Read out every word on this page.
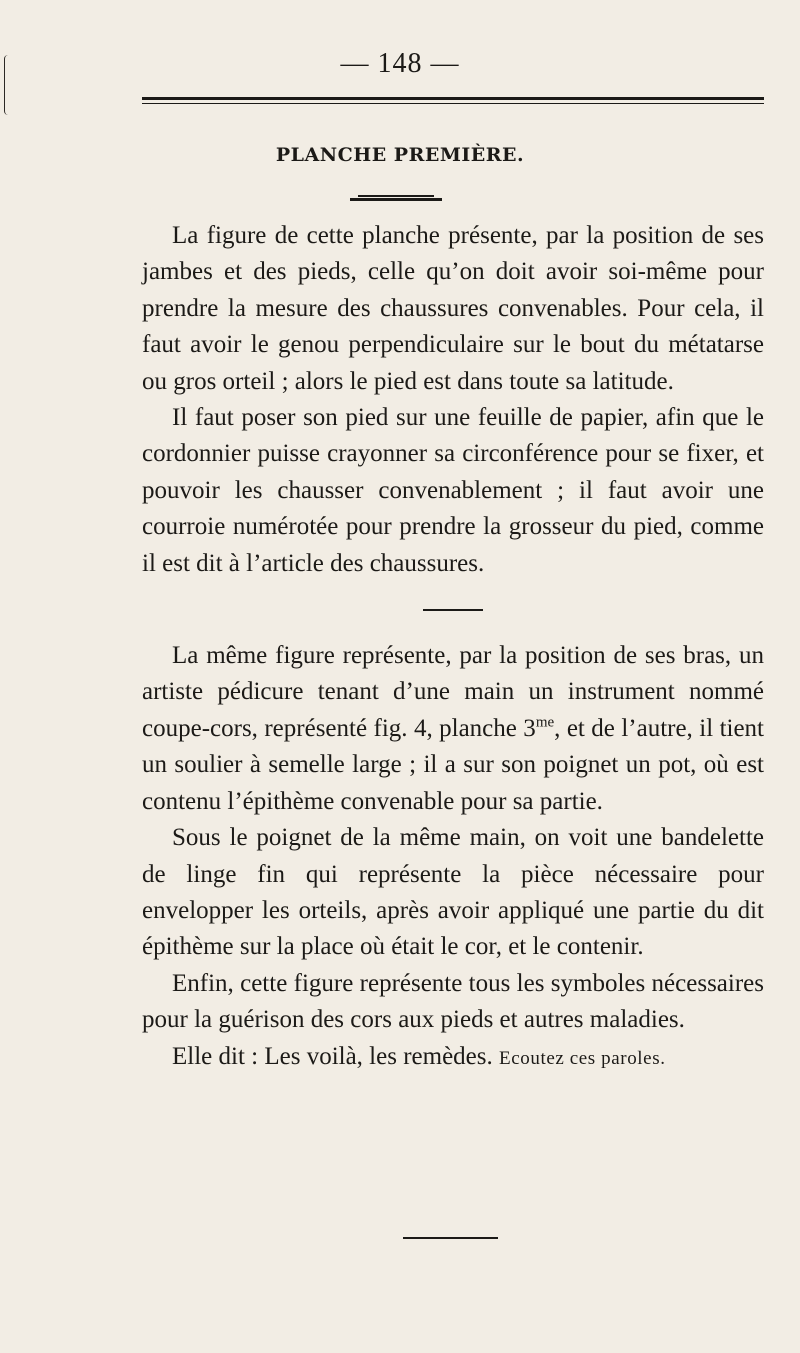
— 148 —
PLANCHE PREMIÈRE.

La figure de cette planche présente, par la position de ses jambes et des pieds, celle qu’on doit avoir soi-même pour prendre la mesure des chaussures convenables. Pour cela, il faut avoir le genou perpendiculaire sur le bout du métatarse ou gros orteil ; alors le pied est dans toute sa latitude.

Il faut poser son pied sur une feuille de papier, afin que le cordonnier puisse crayonner sa circonférence pour se fixer, et pouvoir les chausser convenablement ; il faut avoir une courroie numérotée pour prendre la grosseur du pied, comme il est dit à l’article des chaussures.

La même figure représente, par la position de ses bras, un artiste pédicure tenant d’une main un instrument nommé coupe-cors, représenté fig. 4, planche $3^{me}$, et de l’autre, il tient un soulier à semelle large ; il a sur son poignet un pot, où est contenu l’épithème convenable pour sa partie.

Sous le poignet de la même main, on voit une bandelette de linge fin qui représente la pièce nécessaire pour envelopper les orteils, après avoir appliqué une partie du dit épithème sur la place où était le cor, et le contenir.

Enfin, cette figure représente tous les symboles nécessaires pour la guérison des cors aux pieds et autres maladies.

Elle dit : Les voilà, les remèdes. Ecoutez ces paroles.
